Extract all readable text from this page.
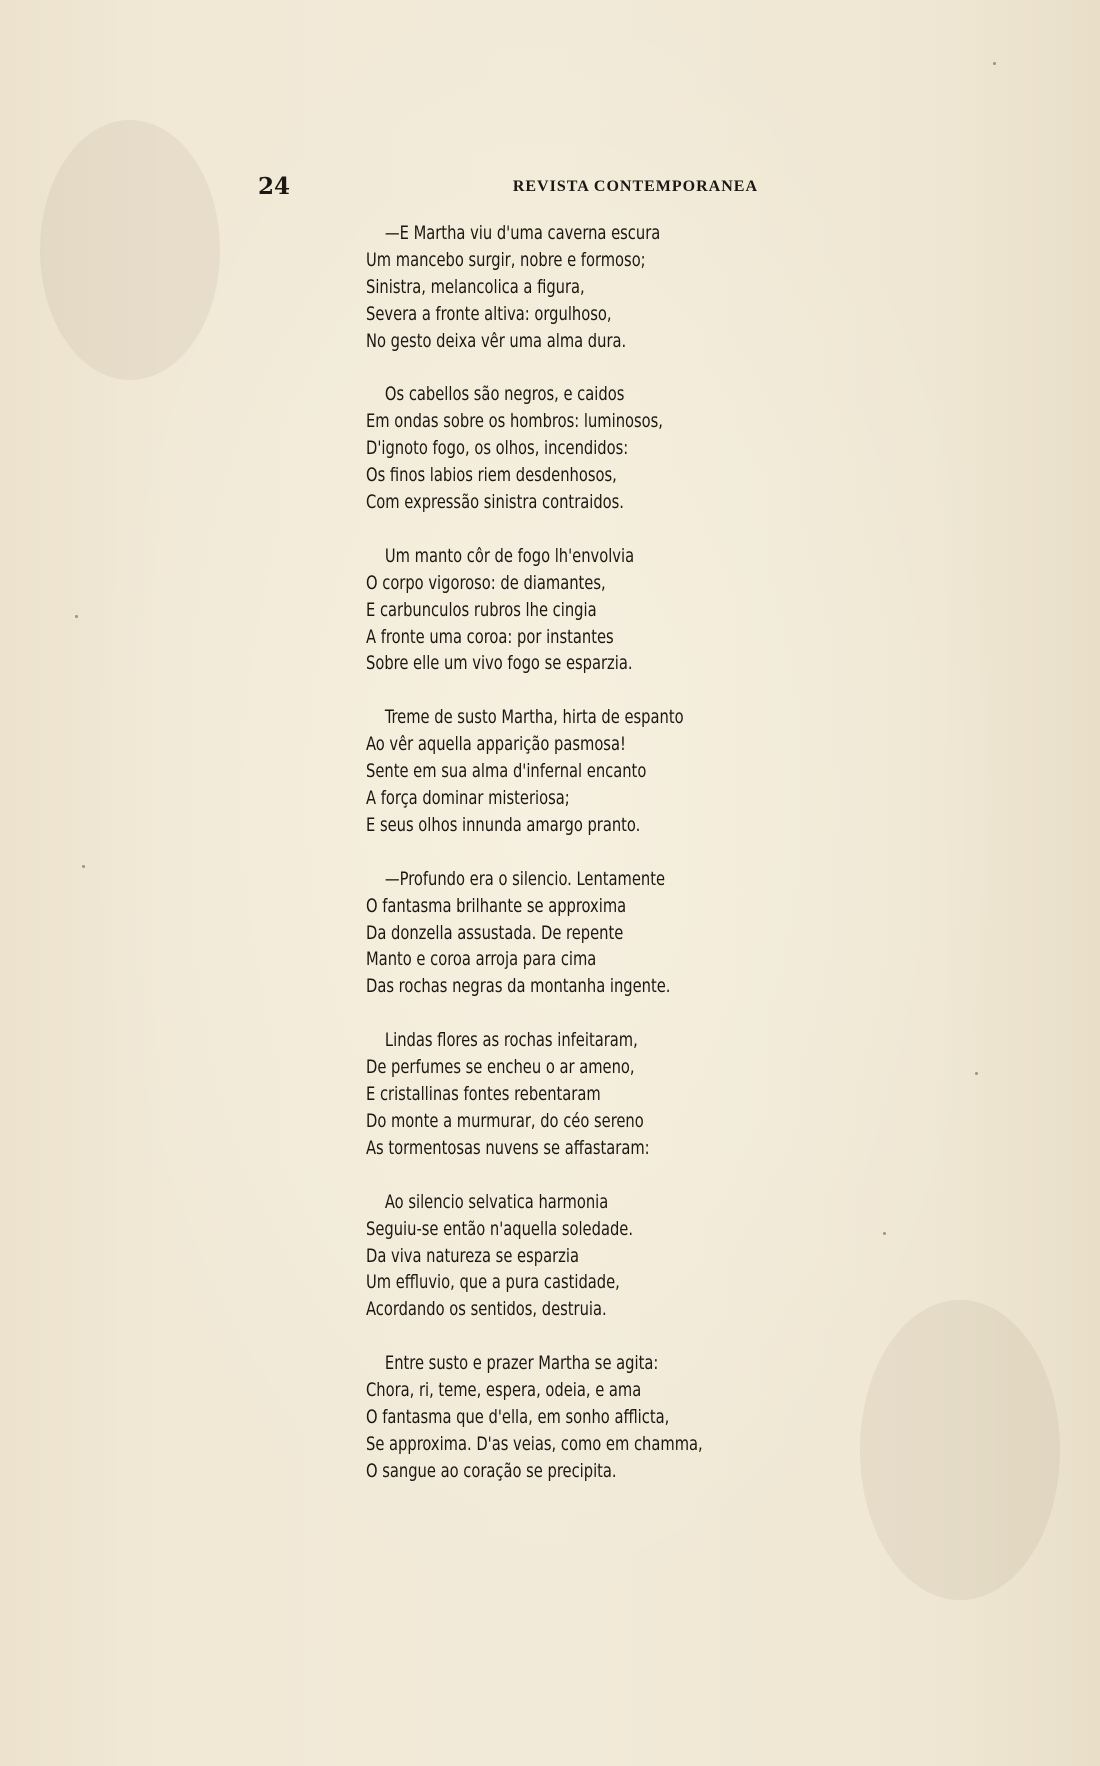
24	REVISTA CONTEMPORANEA
—E Martha viu d'uma caverna escura
Um mancebo surgir, nobre e formoso;
Sinistra, melancolica a figura,
Severa a fronte altiva: orgulhoso,
No gesto deixa vêr uma alma dura.
Os cabellos são negros, e caidos
Em ondas sobre os hombros: luminosos,
D'ignoto fogo, os olhos, incendidos:
Os finos labios riem desdenhosos,
Com expressão sinistra contraidos.
Um manto côr de fogo lh'envolvia
O corpo vigoroso: de diamantes,
E carbunculos rubros lhe cingia
A fronte uma coroa: por instantes
Sobre elle um vivo fogo se esparzia.
Treme de susto Martha, hirta de espanto
Ao vêr aquella apparição pasmosa!
Sente em sua alma d'infernal encanto
A força dominar misteriosa;
E seus olhos innunda amargo pranto.
—Profundo era o silencio. Lentamente
O fantasma brilhante se approxima
Da donzella assustada. De repente
Manto e coroa arroja para cima
Das rochas negras da montanha ingente.
Lindas flores as rochas infeitaram,
De perfumes se encheu o ar ameno,
E cristallinas fontes rebentaram
Do monte a murmurar, do céo sereno
As tormentosas nuvens se affastaram:
Ao silencio selvatica harmonia
Seguiu-se então n'aquella soledade.
Da viva natureza se esparzia
Um effluvio, que a pura castidade,
Acordando os sentidos, destruia.
Entre susto e prazer Martha se agita:
Chora, ri, teme, espera, odeia, e ama
O fantasma que d'ella, em sonho afflicta,
Se approxima. D'as veias, como em chamma,
O sangue ao coração se precipita.
